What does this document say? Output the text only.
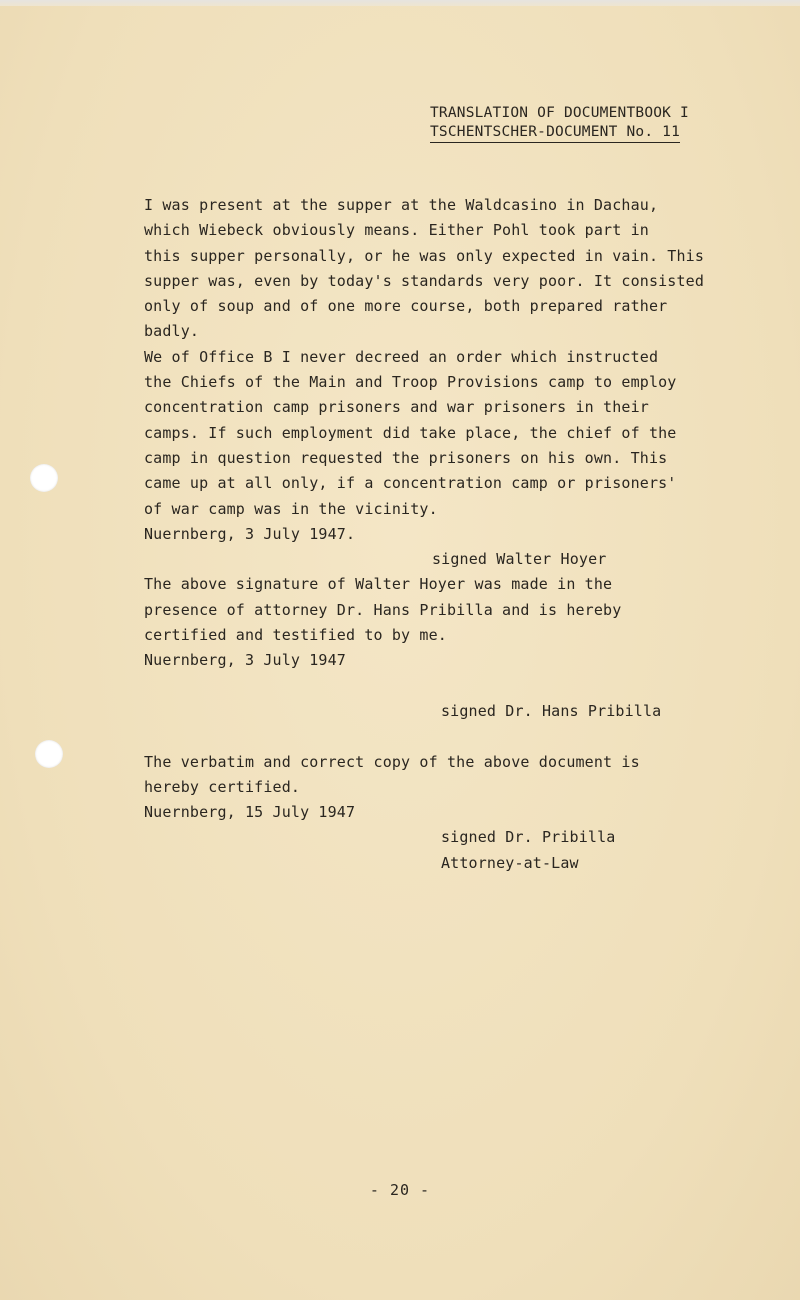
TRANSLATION OF DOCUMENTBOOK I
TSCHENTSCHER-DOCUMENT No. 11
I was present at the supper at the Waldcasino in Dachau,
which Wiebeck obviously means. Either Pohl took part in
this supper personally, or he was only expected in vain. This
supper was, even by today's standards very poor. It consisted
only of soup and of one more course, both prepared rather
badly.
We of Office B I never decreed an order which instructed
the Chiefs of the Main and Troop Provisions camp to employ
concentration camp prisoners and war prisoners in their
camps. If such employment did take place, the chief of the
camp in question requested the prisoners on his own. This
came up at all only, if a concentration camp or prisoners'
of war camp was in the vicinity.
Nuernberg, 3 July 1947.
signed Walter Hoyer
The above signature of Walter Hoyer was made in the
presence of attorney Dr. Hans Pribilla and is hereby
certified and testified to by me.
Nuernberg, 3 July 1947
signed Dr. Hans Pribilla
The verbatim and correct copy of the above document is
hereby certified.
Nuernberg, 15 July 1947
signed Dr. Pribilla
Attorney-at-Law
- 20 -
